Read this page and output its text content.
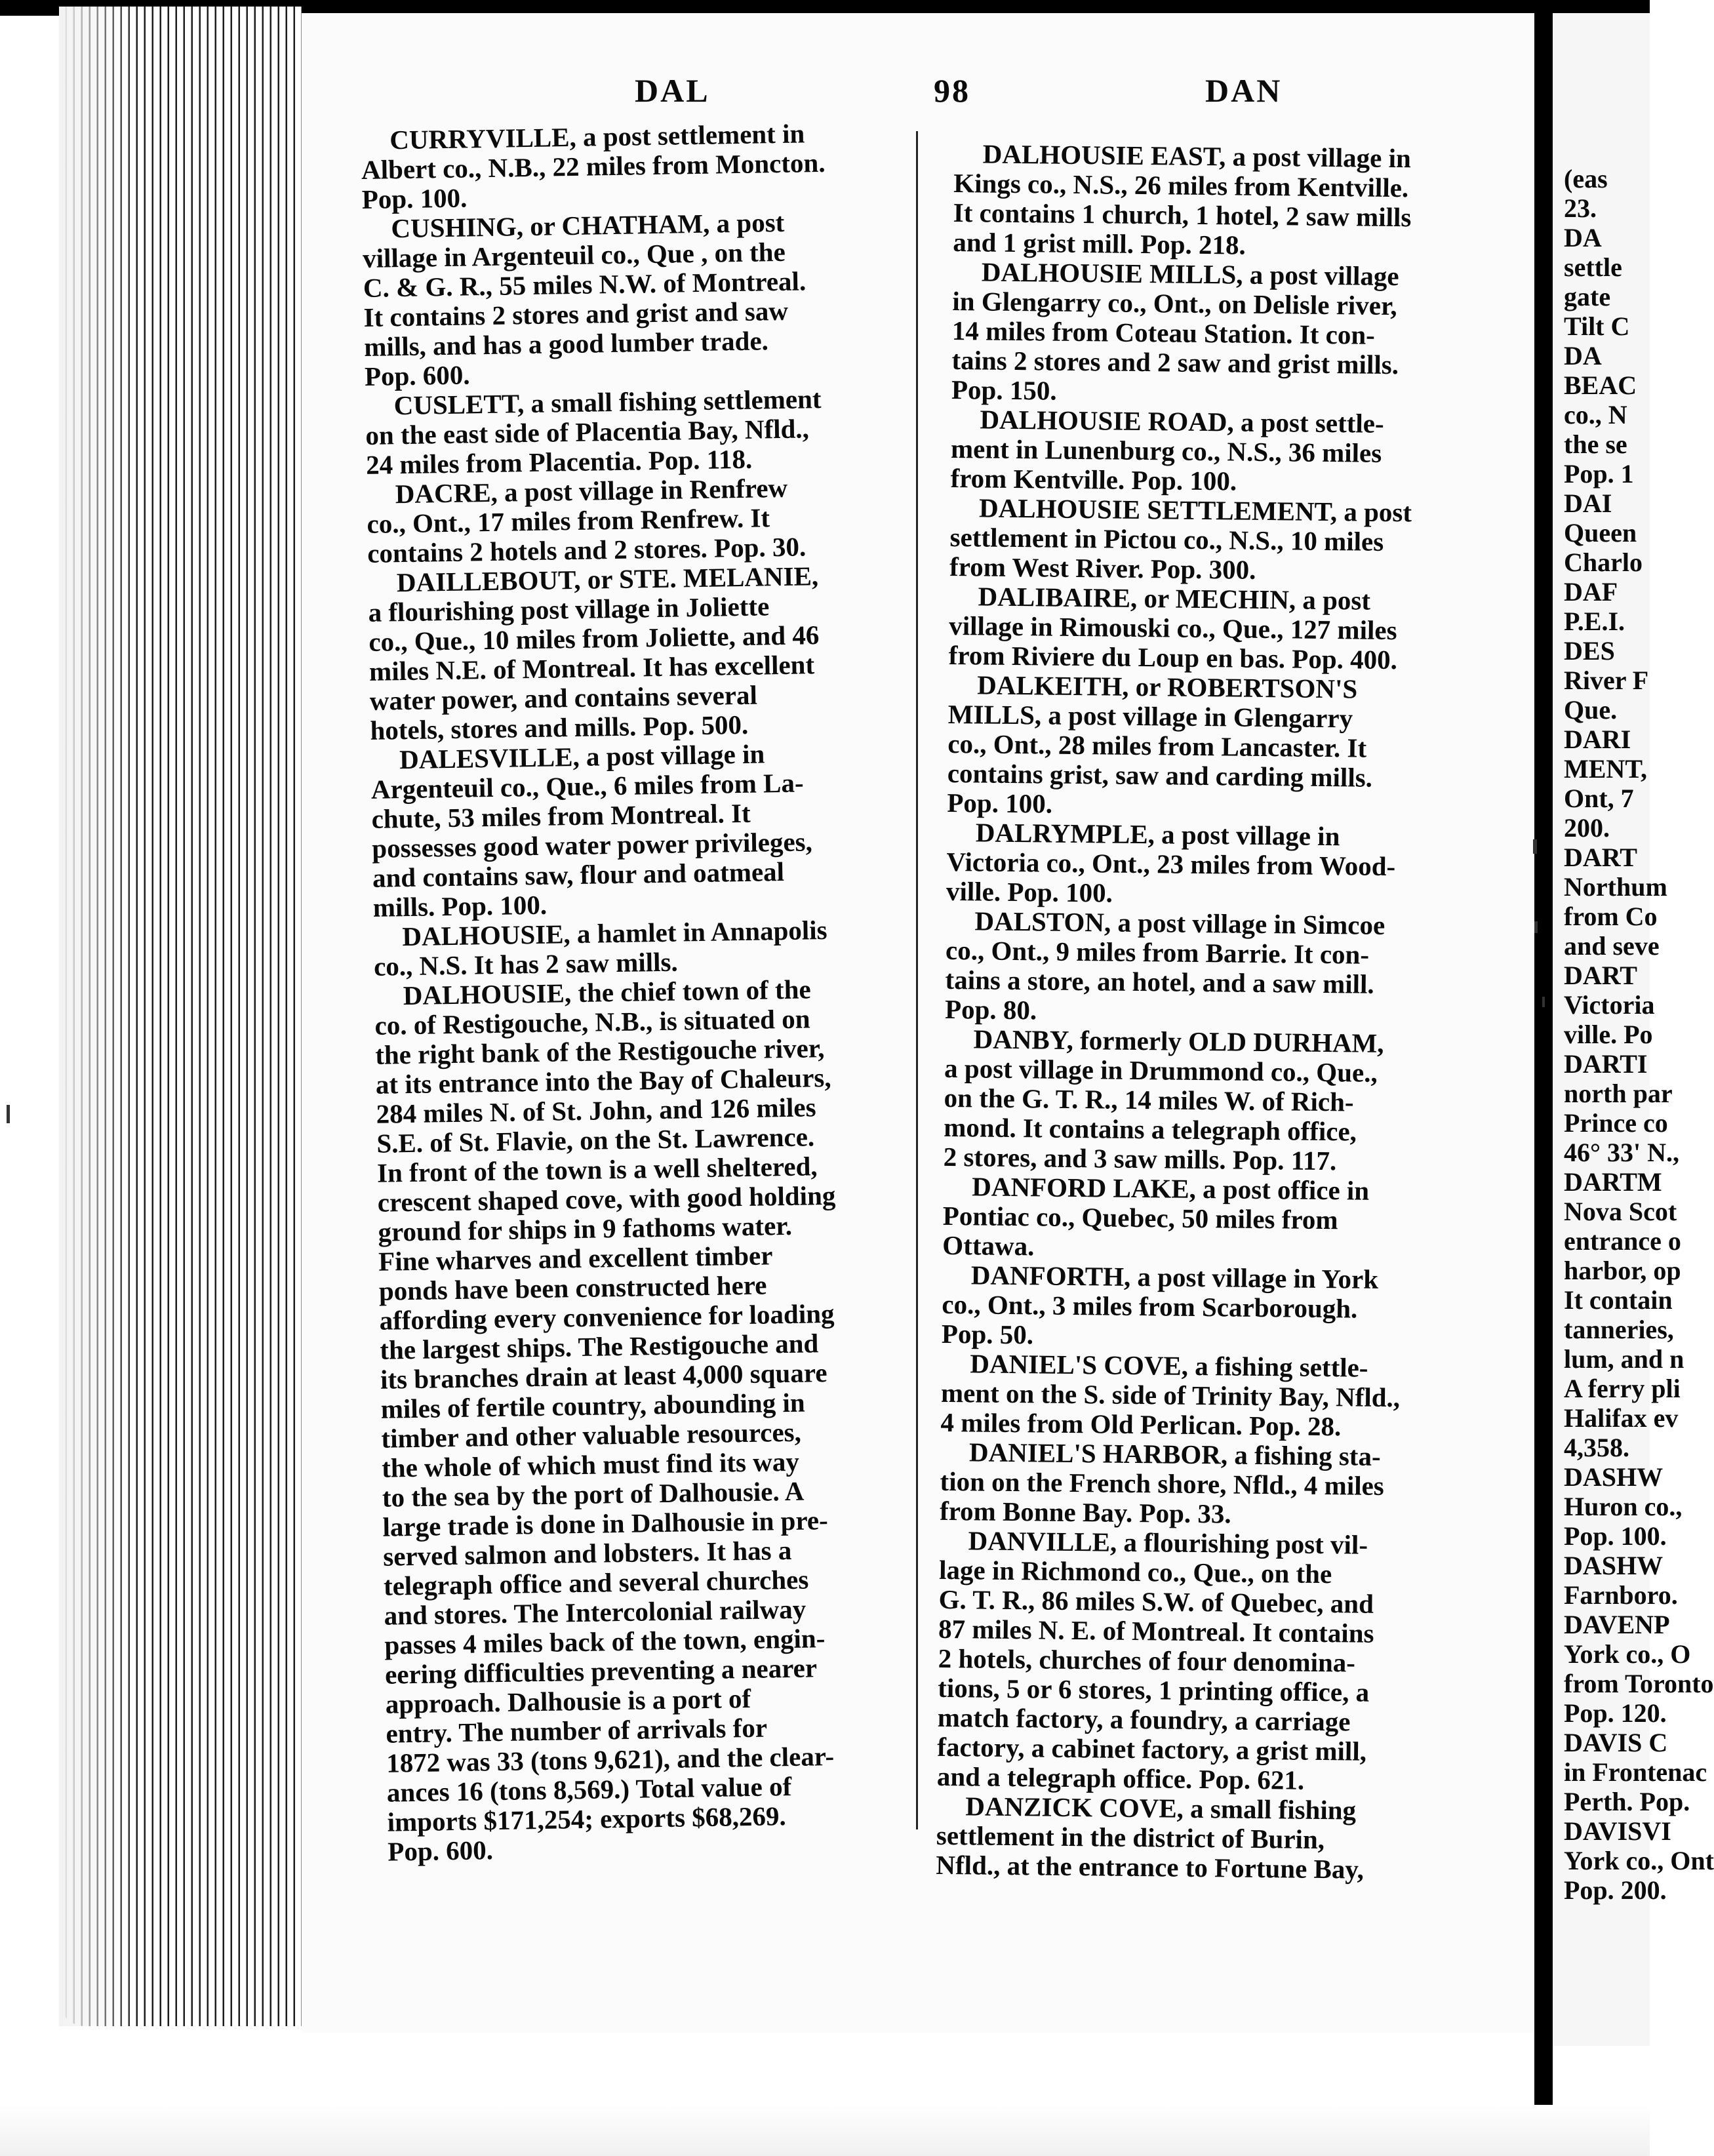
DAL	98	DAN

CURRYVILLE, a post settlement in
Albert co., N.B., 22 miles from Moncton.
Pop. 100.

CUSHING, or CHATHAM, a post
village in Argenteuil co., Que , on the
C. & G. R., 55 miles N.W. of Montreal.
It contains 2 stores and grist and saw
mills, and has a good lumber trade.
Pop. 600.

CUSLETT, a small fishing settlement
on the east side of Placentia Bay, Nfld.,
24 miles from Placentia. Pop. 118.

DACRE, a post village in Renfrew
co., Ont., 17 miles from Renfrew. It
contains 2 hotels and 2 stores. Pop. 30.

DAILLEBOUT, or STE. MELANIE,
a flourishing post village in Joliette
co., Que., 10 miles from Joliette, and 46
miles N.E. of Montreal. It has excellent
water power, and contains several
hotels, stores and mills. Pop. 500.

DALESVILLE, a post village in
Argenteuil co., Que., 6 miles from La-
chute, 53 miles from Montreal. It
possesses good water power privileges,
and contains saw, flour and oatmeal
mills. Pop. 100.

DALHOUSIE, a hamlet in Annapolis
co., N.S. It has 2 saw mills.

DALHOUSIE, the chief town of the
co. of Restigouche, N.B., is situated on
the right bank of the Restigouche river,
at its entrance into the Bay of Chaleurs,
284 miles N. of St. John, and 126 miles
S.E. of St. Flavie, on the St. Lawrence.
In front of the town is a well sheltered,
crescent shaped cove, with good holding
ground for ships in 9 fathoms water.
Fine wharves and excellent timber
ponds have been constructed here
affording every convenience for loading
the largest ships. The Restigouche and
its branches drain at least 4,000 square
miles of fertile country, abounding in
timber and other valuable resources,
the whole of which must find its way
to the sea by the port of Dalhousie. A
large trade is done in Dalhousie in pre-
served salmon and lobsters. It has a
telegraph office and several churches
and stores. The Intercolonial railway
passes 4 miles back of the town, engin-
eering difficulties preventing a nearer
approach. Dalhousie is a port of
entry. The number of arrivals for
1872 was 33 (tons 9,621), and the clear-
ances 16 (tons 8,569.) Total value of
imports $171,254; exports $68,269.
Pop. 600.

DALHOUSIE EAST, a post village in
Kings co., N.S., 26 miles from Kentville.
It contains 1 church, 1 hotel, 2 saw mills
and 1 grist mill. Pop. 218.

DALHOUSIE MILLS, a post village
in Glengarry co., Ont., on Delisle river,
14 miles from Coteau Station. It con-
tains 2 stores and 2 saw and grist mills.
Pop. 150.

DALHOUSIE ROAD, a post settle-
ment in Lunenburg co., N.S., 36 miles
from Kentville. Pop. 100.

DALHOUSIE SETTLEMENT, a post
settlement in Pictou co., N.S., 10 miles
from West River. Pop. 300.

DALIBAIRE, or MECHIN, a post
village in Rimouski co., Que., 127 miles
from Riviere du Loup en bas. Pop. 400.

DALKEITH, or ROBERTSON'S
MILLS, a post village in Glengarry
co., Ont., 28 miles from Lancaster. It
contains grist, saw and carding mills.
Pop. 100.

DALRYMPLE, a post village in
Victoria co., Ont., 23 miles from Wood-
ville. Pop. 100.

DALSTON, a post village in Simcoe
co., Ont., 9 miles from Barrie. It con-
tains a store, an hotel, and a saw mill.
Pop. 80.

DANBY, formerly OLD DURHAM,
a post village in Drummond co., Que.,
on the G. T. R., 14 miles W. of Rich-
mond. It contains a telegraph office,
2 stores, and 3 saw mills. Pop. 117.

DANFORD LAKE, a post office in
Pontiac co., Quebec, 50 miles from
Ottawa.

DANFORTH, a post village in York
co., Ont., 3 miles from Scarborough.
Pop. 50.

DANIEL'S COVE, a fishing settle-
ment on the S. side of Trinity Bay, Nfld.,
4 miles from Old Perlican. Pop. 28.

DANIEL'S HARBOR, a fishing sta-
tion on the French shore, Nfld., 4 miles
from Bonne Bay. Pop. 33.

DANVILLE, a flourishing post vil-
lage in Richmond co., Que., on the
G. T. R., 86 miles S.W. of Quebec, and
87 miles N. E. of Montreal. It contains
2 hotels, churches of four denomina-
tions, 5 or 6 stores, 1 printing office, a
match factory, a foundry, a carriage
factory, a cabinet factory, a grist mill,
and a telegraph office. Pop. 621.

DANZICK COVE, a small fishing
settlement in the district of Burin,
Nfld., at the entrance to Fortune Bay,

(eas
23.
DA
settle
gate
Tilt C
DA
BEAC
co., N
the se
Pop. 1
DAI
Queen
Charlo
DAF
P.E.I.
DES
River F
Que.
DARI
MENT,
Ont, 7
200.
DART
Northum
from Co
and seve
DART
Victoria
ville. Po
DARTI
north par
Prince co
46° 33' N.,
DARTM
Nova Scot
entrance o
harbor, op
It contain
tanneries,
lum, and n
A ferry pli
Halifax ev
4,358.
DASHW
Huron co.,
Pop. 100.
DASHW
Farnboro.
DAVENP
York co., O
from Toronto
Pop. 120.
DAVIS C
in Frontenac
Perth. Pop.
DAVISVI
York co., Ont
Pop. 200.
